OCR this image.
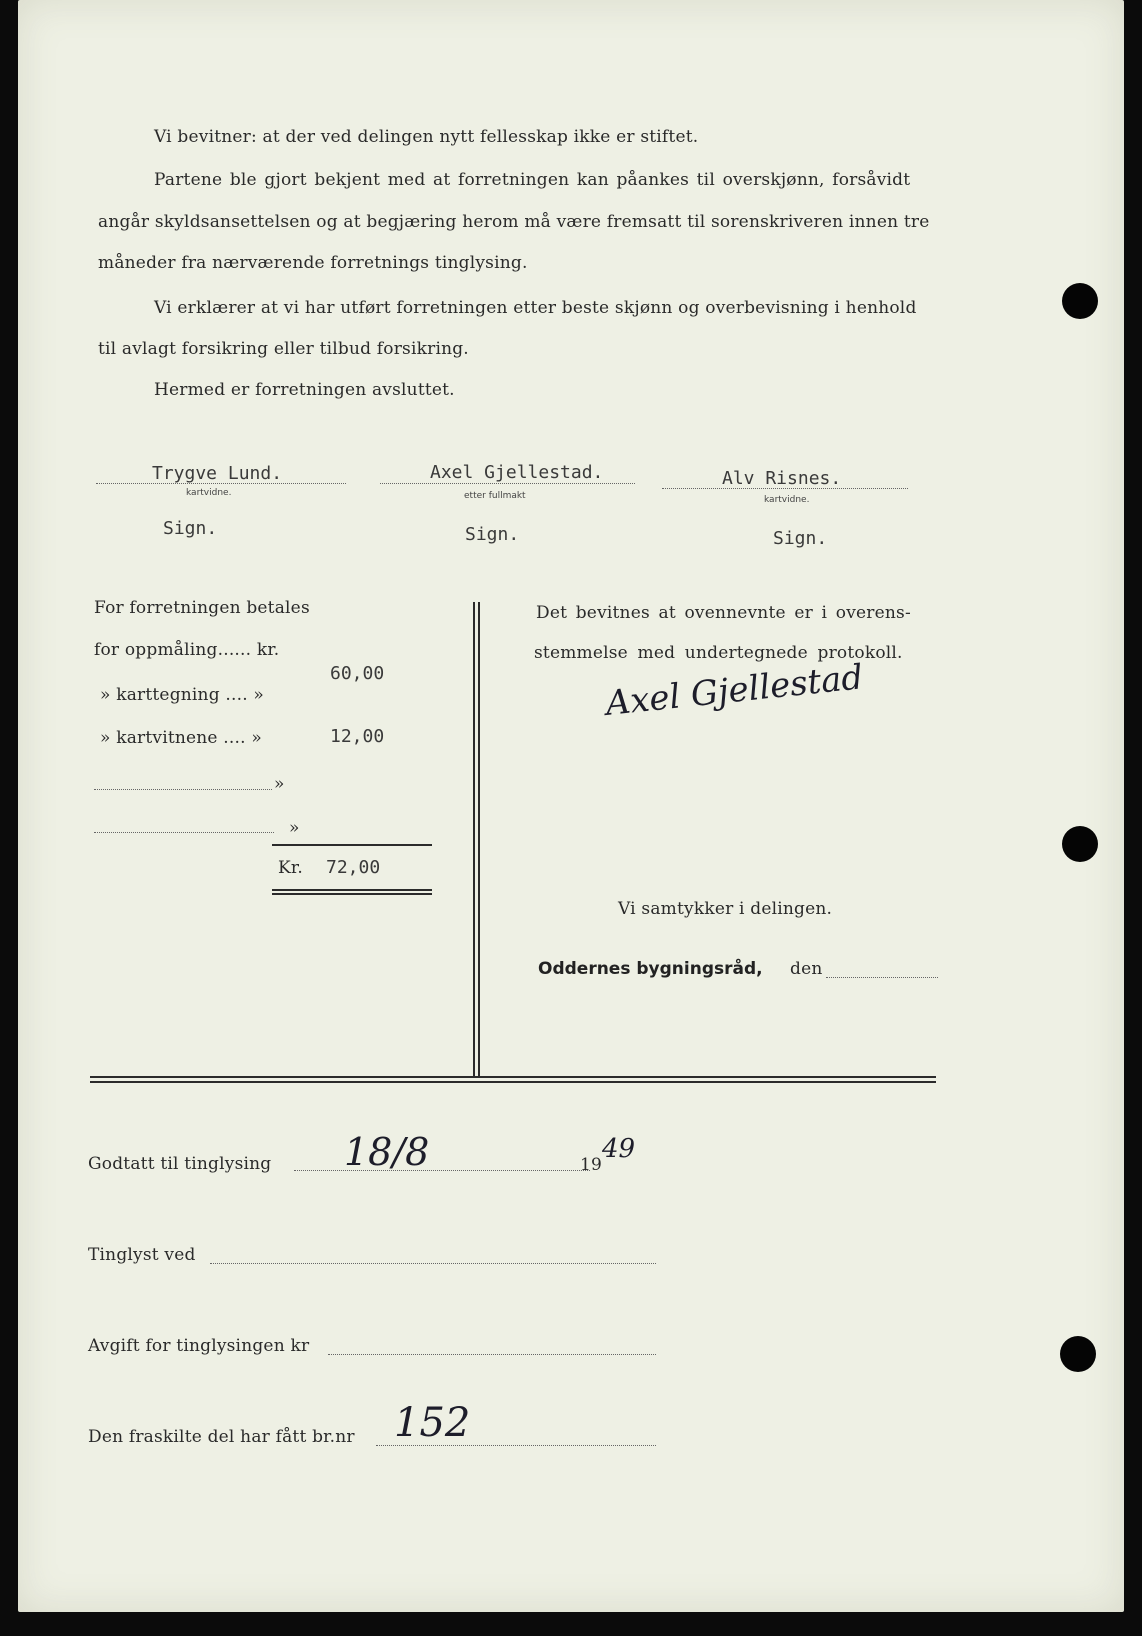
Vi bevitner: at der ved delingen nytt fellesskap ikke er stiftet.
Partene ble gjort bekjent med at forretningen kan påankes til overskjønn, forsåvidt
angår skyldsansettelsen og at begjæring herom må være fremsatt til sorenskriveren innen tre
måneder fra nærværende forretnings tinglysing.
Vi erklærer at vi har utført forretningen etter beste skjønn og overbevisning i henhold
til avlagt forsikring eller tilbud forsikring.
Hermed er forretningen avsluttet.
Trygve Lund.
kartvidne.
Sign.
Axel Gjellestad.
etter fullmakt
Sign.
Alv Risnes.
kartvidne.
Sign.
For forretningen betales
for oppmåling...... kr.
60,00
» karttegning .... »
» kartvitnene .... »	12,00
»
»
Kr. 72,00
Det bevitnes at ovennevnte er i overens-
stemmelse med undertegnede protokoll.
Axel Gjellestad
Vi samtykker i delingen.
Oddernes bygningsråd, den
Godtatt til tinglysing 18/8	19
49
Tinglyst ved
Avgift for tinglysingen kr
Den fraskilte del har fått br.nr 152
